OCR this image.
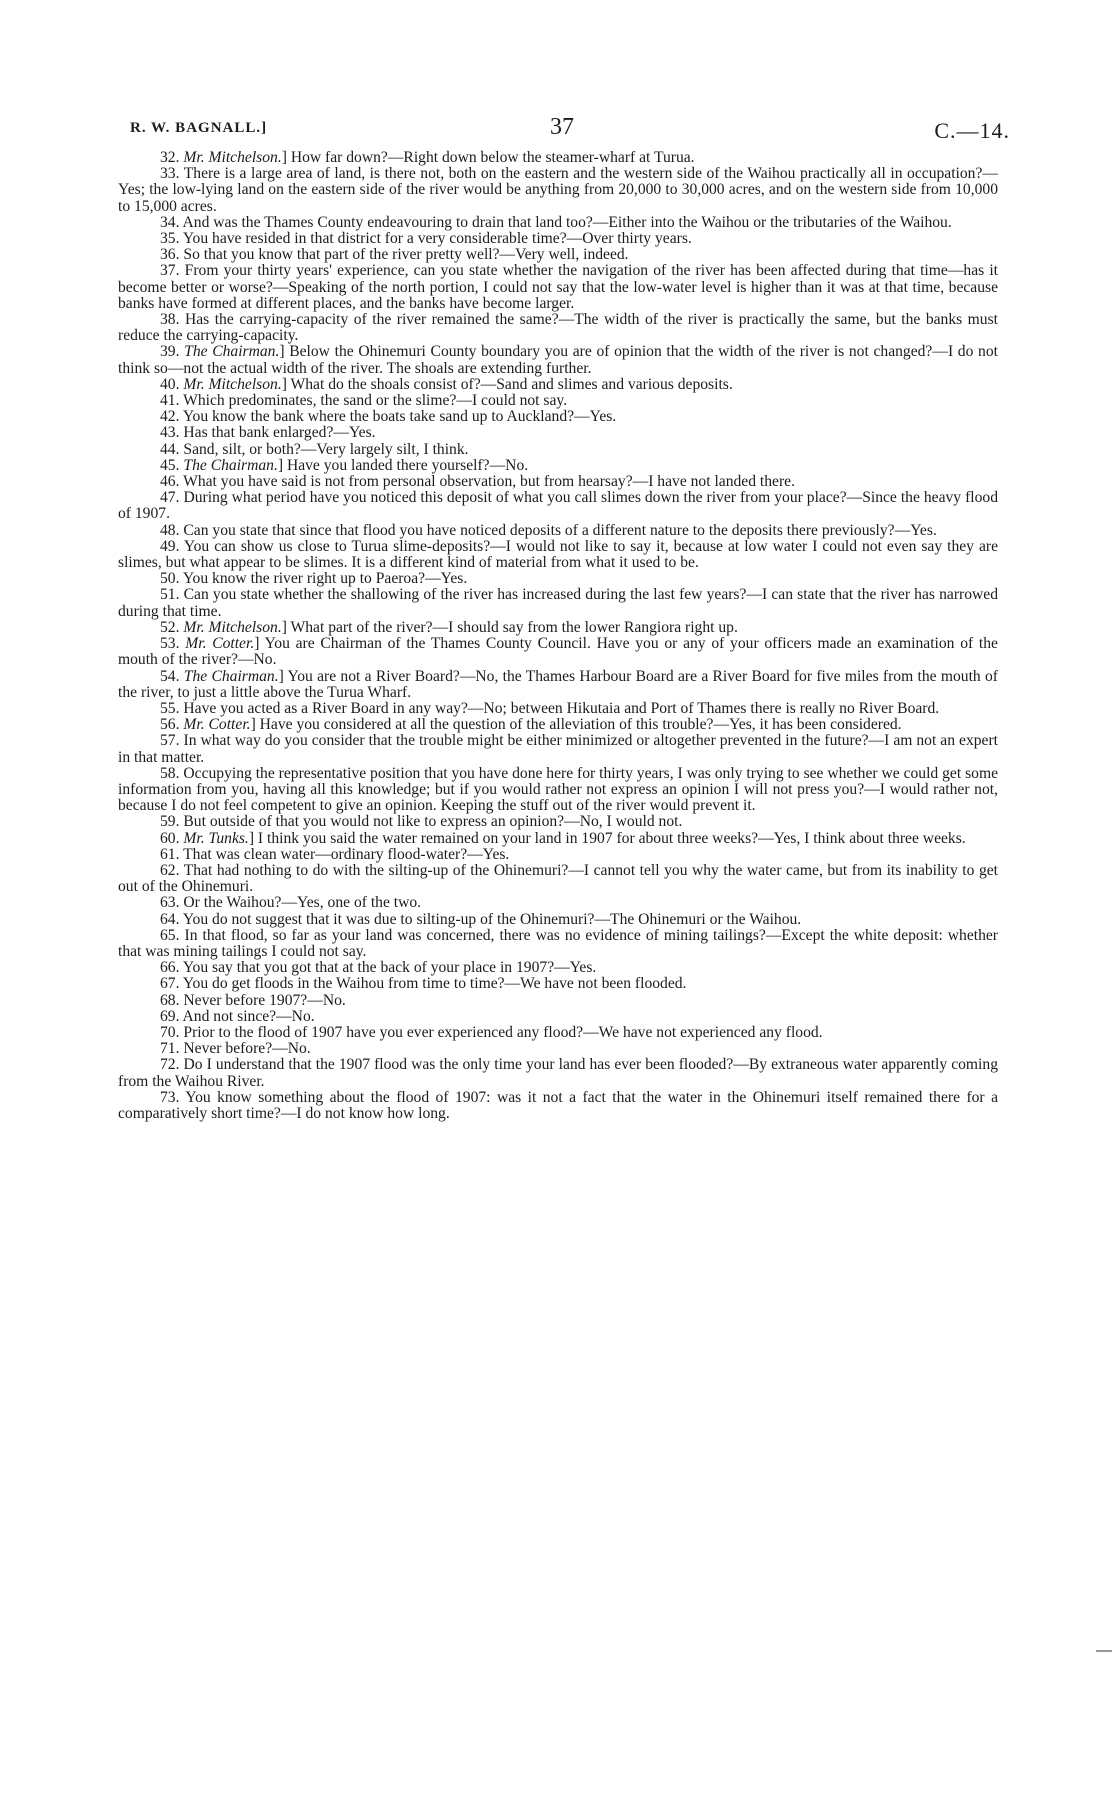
R. W. BAGNALL.]	37	C.—14.

32. Mr. Mitchelson.] How far down?—Right down below the steamer-wharf at Turua.

33. There is a large area of land, is there not, both on the eastern and the western side of the Waihou practically all in occupation?—Yes; the low-lying land on the eastern side of the river would be anything from 20,000 to 30,000 acres, and on the western side from 10,000 to 15,000 acres.

34. And was the Thames County endeavouring to drain that land too?—Either into the Waihou or the tributaries of the Waihou.

35. You have resided in that district for a very considerable time?—Over thirty years.

36. So that you know that part of the river pretty well?—Very well, indeed.

37. From your thirty years' experience, can you state whether the navigation of the river has been affected during that time—has it become better or worse?—Speaking of the north portion, I could not say that the low-water level is higher than it was at that time, because banks have formed at different places, and the banks have become larger.

38. Has the carrying-capacity of the river remained the same?—The width of the river is practically the same, but the banks must reduce the carrying-capacity.

39. The Chairman.] Below the Ohinemuri County boundary you are of opinion that the width of the river is not changed?—I do not think so—not the actual width of the river. The shoals are extending further.

40. Mr. Mitchelson.] What do the shoals consist of?—Sand and slimes and various deposits.

41. Which predominates, the sand or the slime?—I could not say.

42. You know the bank where the boats take sand up to Auckland?—Yes.

43. Has that bank enlarged?—Yes.

44. Sand, silt, or both?—Very largely silt, I think.

45. The Chairman.] Have you landed there yourself?—No.

46. What you have said is not from personal observation, but from hearsay?—I have not landed there.

47. During what period have you noticed this deposit of what you call slimes down the river from your place?—Since the heavy flood of 1907.

48. Can you state that since that flood you have noticed deposits of a different nature to the deposits there previously?—Yes.

49. You can show us close to Turua slime-deposits?—I would not like to say it, because at low water I could not even say they are slimes, but what appear to be slimes. It is a different kind of material from what it used to be.

50. You know the river right up to Paeroa?—Yes.

51. Can you state whether the shallowing of the river has increased during the last few years?—I can state that the river has narrowed during that time.

52. Mr. Mitchelson.] What part of the river?—I should say from the lower Rangiora right up.

53. Mr. Cotter.] You are Chairman of the Thames County Council. Have you or any of your officers made an examination of the mouth of the river?—No.

54. The Chairman.] You are not a River Board?—No, the Thames Harbour Board are a River Board for five miles from the mouth of the river, to just a little above the Turua Wharf.

55. Have you acted as a River Board in any way?—No; between Hikutaia and Port of Thames there is really no River Board.

56. Mr. Cotter.] Have you considered at all the question of the alleviation of this trouble?—Yes, it has been considered.

57. In what way do you consider that the trouble might be either minimized or altogether prevented in the future?—I am not an expert in that matter.

58. Occupying the representative position that you have done here for thirty years, I was only trying to see whether we could get some information from you, having all this knowledge; but if you would rather not express an opinion I will not press you?—I would rather not, because I do not feel competent to give an opinion. Keeping the stuff out of the river would prevent it.

59. But outside of that you would not like to express an opinion?—No, I would not.

60. Mr. Tunks.] I think you said the water remained on your land in 1907 for about three weeks?—Yes, I think about three weeks.

61. That was clean water—ordinary flood-water?—Yes.

62. That had nothing to do with the silting-up of the Ohinemuri?—I cannot tell you why the water came, but from its inability to get out of the Ohinemuri.

63. Or the Waihou?—Yes, one of the two.

64. You do not suggest that it was due to silting-up of the Ohinemuri?—The Ohinemuri or the Waihou.

65. In that flood, so far as your land was concerned, there was no evidence of mining tailings?—Except the white deposit: whether that was mining tailings I could not say.

66. You say that you got that at the back of your place in 1907?—Yes.

67. You do get floods in the Waihou from time to time?—We have not been flooded.

68. Never before 1907?—No.

69. And not since?—No.

70. Prior to the flood of 1907 have you ever experienced any flood?—We have not experienced any flood.

71. Never before?—No.

72. Do I understand that the 1907 flood was the only time your land has ever been flooded?—By extraneous water apparently coming from the Waihou River.

73. You know something about the flood of 1907: was it not a fact that the water in the Ohinemuri itself remained there for a comparatively short time?—I do not know how long.
